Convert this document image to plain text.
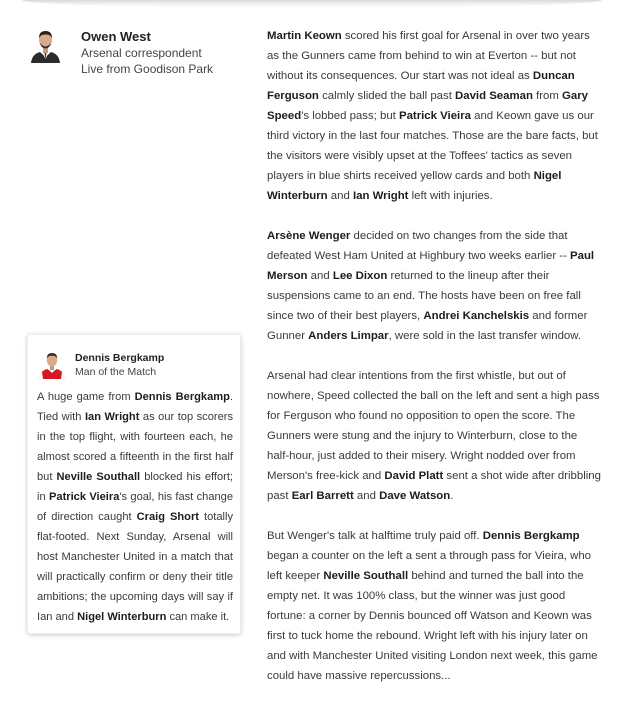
Owen West
Arsenal correspondent
Live from Goodison Park

Martin Keown scored his first goal for Arsenal in over two years as the Gunners came from behind to win at Everton -- but not without its consequences. Our start was not ideal as Duncan Ferguson calmly slided the ball past David Seaman from Gary Speed's lobbed pass; but Patrick Vieira and Keown gave us our third victory in the last four matches. Those are the bare facts, but the visitors were visibly upset at the Toffees' tactics as seven players in blue shirts received yellow cards and both Nigel Winterburn and Ian Wright left with injuries.

Arsène Wenger decided on two changes from the side that defeated West Ham United at Highbury two weeks earlier -- Paul Merson and Lee Dixon returned to the lineup after their suspensions came to an end. The hosts have been on free fall since two of their best players, Andrei Kanchelskis and former Gunner Anders Limpar, were sold in the last transfer window.

Arsenal had clear intentions from the first whistle, but out of nowhere, Speed collected the ball on the left and sent a high pass for Ferguson who found no opposition to open the score. The Gunners were stung and the injury to Winterburn, close to the half-hour, just added to their misery. Wright nodded over from Merson's free-kick and David Platt sent a shot wide after dribbling past Earl Barrett and Dave Watson.

But Wenger's talk at halftime truly paid off. Dennis Bergkamp began a counter on the left a sent a through pass for Vieira, who left keeper Neville Southall behind and turned the ball into the empty net. It was 100% class, but the winner was just good fortune: a corner by Dennis bounced off Watson and Keown was first to tuck home the rebound. Wright left with his injury later on and with Manchester United visiting London next week, this game could have massive repercussions...

Dennis Bergkamp
Man of the Match
A huge game from Dennis Bergkamp. Tied with Ian Wright as our top scorers in the top flight, with fourteen each, he almost scored a fifteenth in the first half but Neville Southall blocked his effort; in Patrick Vieira's goal, his fast change of direction caught Craig Short totally flat-footed. Next Sunday, Arsenal will host Manchester United in a match that will practically confirm or deny their title ambitions; the upcoming days will say if Ian and Nigel Winterburn can make it.
